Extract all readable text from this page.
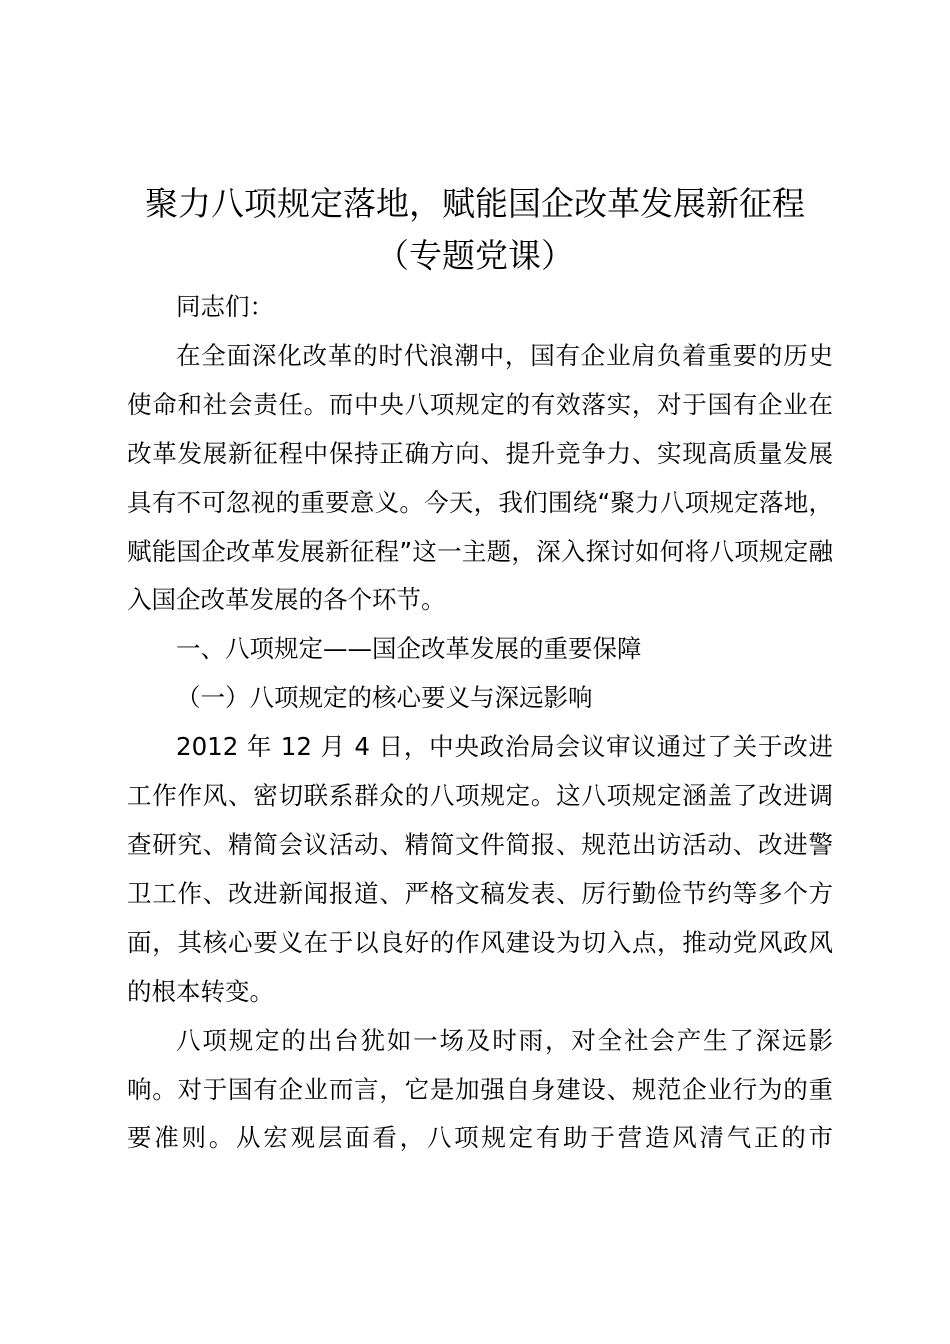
聚力八项规定落地，赋能国企改革发展新征程
（专题党课）

同志们：

在全面深化改革的时代浪潮中，国有企业肩负着重要的历史使命和社会责任。而中央八项规定的有效落实，对于国有企业在改革发展新征程中保持正确方向、提升竞争力、实现高质量发展具有不可忽视的重要意义。今天，我们围绕“聚力八项规定落地，赋能国企改革发展新征程”这一主题，深入探讨如何将八项规定融入国企改革发展的各个环节。

一、八项规定——国企改革发展的重要保障

（一）八项规定的核心要义与深远影响

2012 年 12 月 4 日，中央政治局会议审议通过了关于改进工作作风、密切联系群众的八项规定。这八项规定涵盖了改进调查研究、精简会议活动、精简文件简报、规范出访活动、改进警卫工作、改进新闻报道、严格文稿发表、厉行勤俭节约等多个方面，其核心要义在于以良好的作风建设为切入点，推动党风政风的根本转变。

八项规定的出台犹如一场及时雨，对全社会产生了深远影响。对于国有企业而言，它是加强自身建设、规范企业行为的重要准则。从宏观层面看，八项规定有助于营造风清气正的市
